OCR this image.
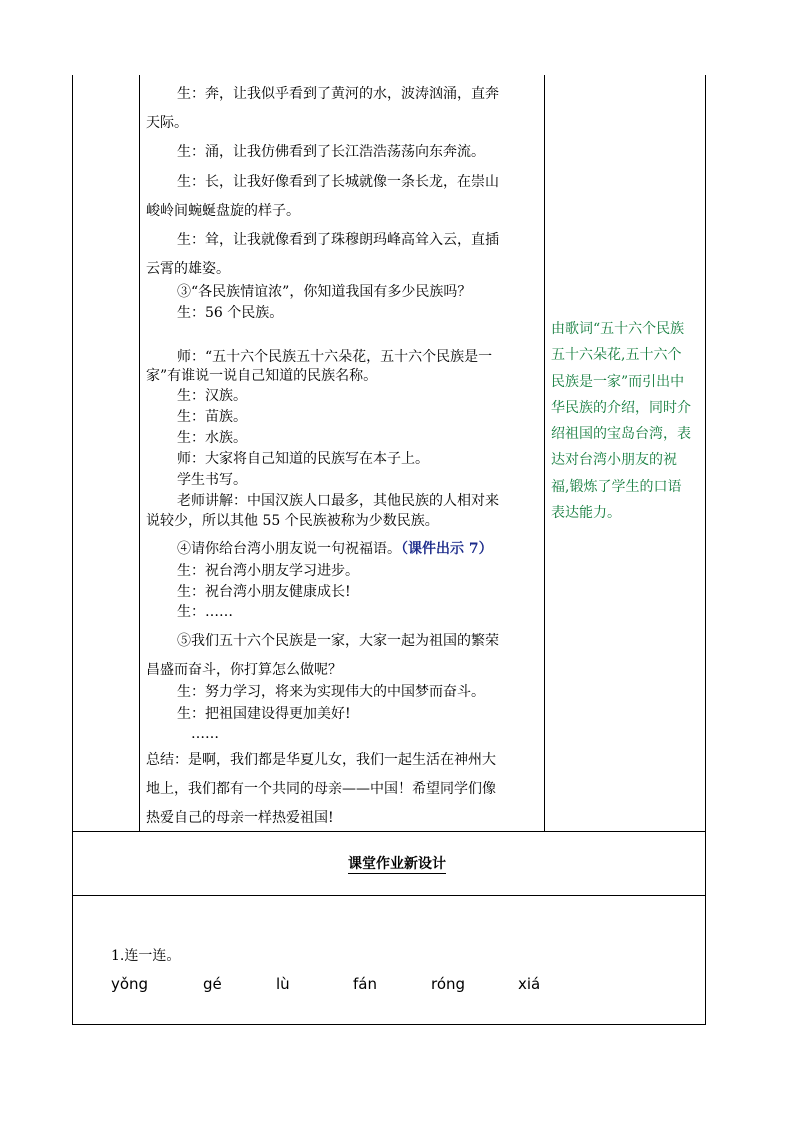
生：奔，让我似乎看到了黄河的水，波涛汹涌，直奔
天际。
生：涌，让我仿佛看到了长江浩浩荡荡向东奔流。
生：长，让我好像看到了长城就像一条长龙，在崇山
峻岭间蜿蜒盘旋的样子。
生：耸，让我就像看到了珠穆朗玛峰高耸入云，直插
云霄的雄姿。
③“各民族情谊浓”，你知道我国有多少民族吗？
生：56 个民族。
师：“五十六个民族五十六朵花，五十六个民族是一
家”有谁说一说自己知道的民族名称。
生：汉族。
生：苗族。
生：水族。
师：大家将自己知道的民族写在本子上。
学生书写。
老师讲解：中国汉族人口最多，其他民族的人相对来
说较少，所以其他 55 个民族被称为少数民族。
④请你给台湾小朋友说一句祝福语。（课件出示 7）
生：祝台湾小朋友学习进步。
生：祝台湾小朋友健康成长!
生：……
⑤我们五十六个民族是一家，大家一起为祖国的繁荣
昌盛而奋斗，你打算怎么做呢？
生：努力学习，将来为实现伟大的中国梦而奋斗。
生：把祖国建设得更加美好!
……
总结：是啊，我们都是华夏儿女，我们一起生活在神州大
地上，我们都有一个共同的母亲——中国！希望同学们像
热爱自己的母亲一样热爱祖国!
由歌词“五十六个民族
五十六朵花,五十六个
民族是一家”而引出中
华民族的介绍，同时介
绍祖国的宝岛台湾，表
达对台湾小朋友的祝
福,锻炼了学生的口语
表达能力。
课堂作业新设计
1.连一连。
yǒng	gé	lù	fán	róng	xiá
